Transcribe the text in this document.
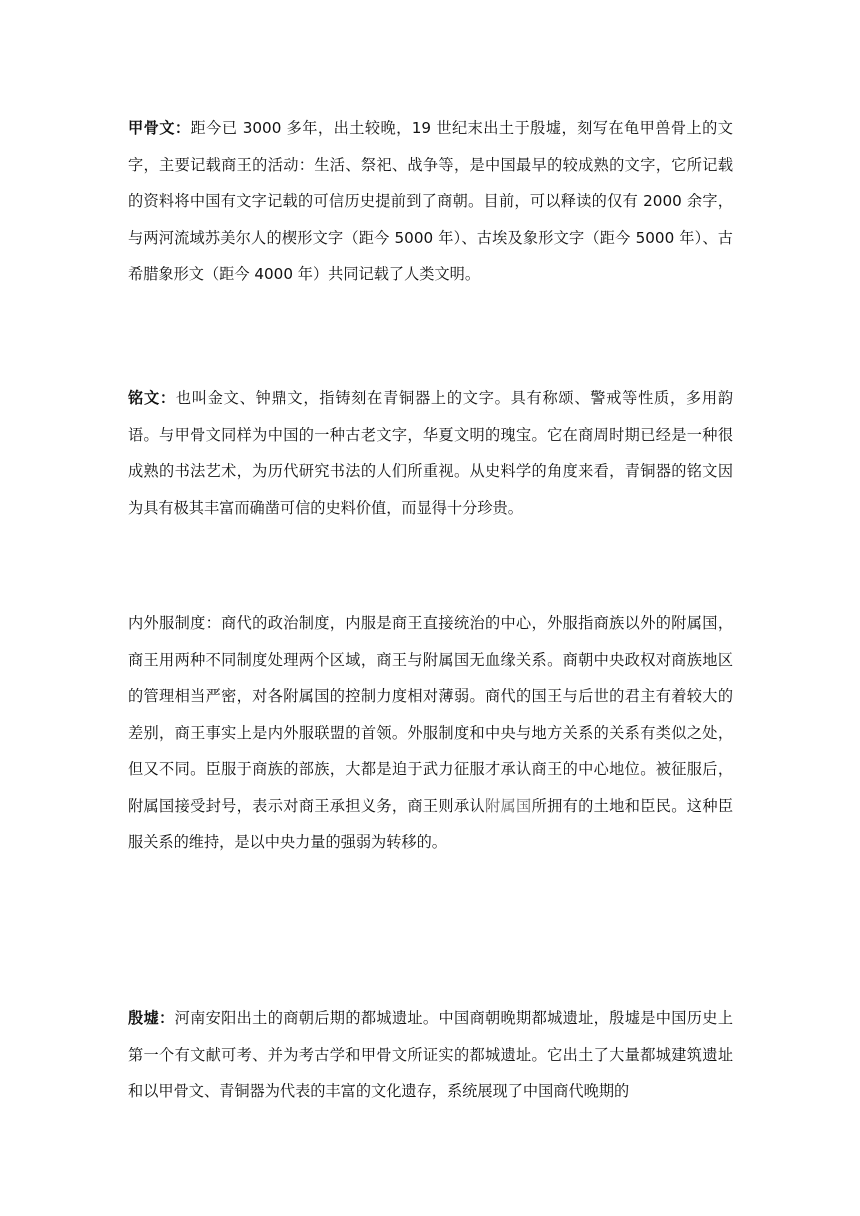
甲骨文：距今已 3000 多年，出土较晚，19 世纪末出土于殷墟，刻写在龟甲兽骨上的文字，主要记载商王的活动：生活、祭祀、战争等，是中国最早的较成熟的文字，它所记载的资料将中国有文字记载的可信历史提前到了商朝。目前，可以释读的仅有 2000 余字，与两河流域苏美尔人的楔形文字（距今 5000 年）、古埃及象形文字（距今 5000 年）、古希腊象形文（距今 4000 年）共同记载了人类文明。

铭文：也叫金文、钟鼎文，指铸刻在青铜器上的文字。具有称颂、警戒等性质，多用韵语。与甲骨文同样为中国的一种古老文字，华夏文明的瑰宝。它在商周时期已经是一种很成熟的书法艺术，为历代研究书法的人们所重视。从史料学的角度来看，青铜器的铭文因为具有极其丰富而确凿可信的史料价值，而显得十分珍贵。

内外服制度：商代的政治制度，内服是商王直接统治的中心，外服指商族以外的附属国，商王用两种不同制度处理两个区域，商王与附属国无血缘关系。商朝中央政权对商族地区的管理相当严密，对各附属国的控制力度相对薄弱。商代的国王与后世的君主有着较大的差别，商王事实上是内外服联盟的首领。外服制度和中央与地方关系的关系有类似之处，但又不同。臣服于商族的部族，大都是迫于武力征服才承认商王的中心地位。被征服后，附属国接受封号，表示对商王承担义务，商王则承认附属国所拥有的土地和臣民。这种臣服关系的维持，是以中央力量的强弱为转移的。

殷墟：河南安阳出土的商朝后期的都城遗址。中国商朝晚期都城遗址，殷墟是中国历史上第一个有文献可考、并为考古学和甲骨文所证实的都城遗址。它出土了大量都城建筑遗址和以甲骨文、青铜器为代表的丰富的文化遗存，系统展现了中国商代晚期的
